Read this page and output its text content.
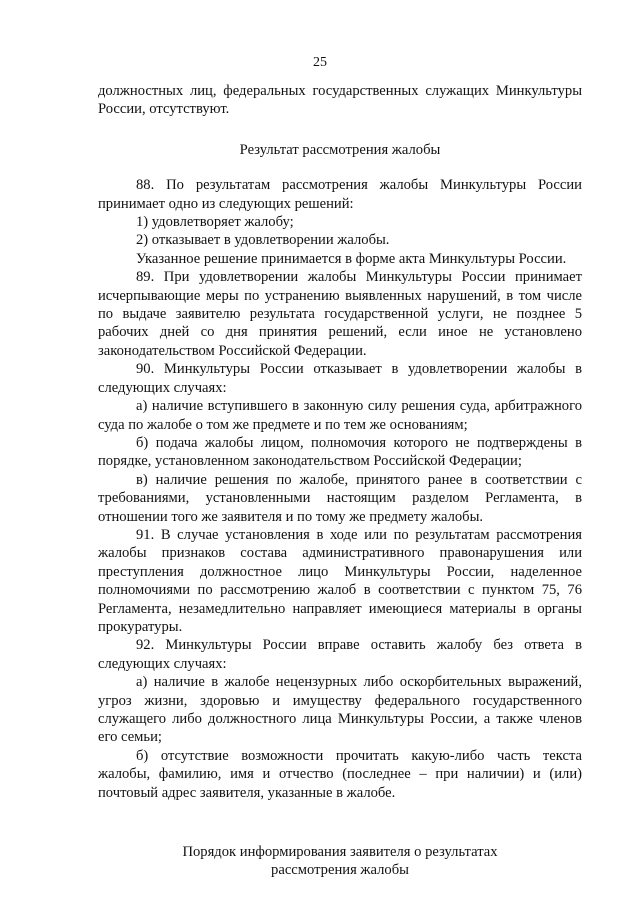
25

должностных лиц, федеральных государственных служащих Минкультуры России, отсутствуют.

Результат рассмотрения жалобы

88. По результатам рассмотрения жалобы Минкультуры России принимает одно из следующих решений:

1) удовлетворяет жалобу;

2) отказывает в удовлетворении жалобы.

Указанное решение принимается в форме акта Минкультуры России.

89. При удовлетворении жалобы Минкультуры России принимает исчерпывающие меры по устранению выявленных нарушений, в том числе по выдаче заявителю результата государственной услуги, не позднее 5 рабочих дней со дня принятия решений, если иное не установлено законодательством Российской Федерации.

90. Минкультуры России отказывает в удовлетворении жалобы в следующих случаях:

а) наличие вступившего в законную силу решения суда, арбитражного суда по жалобе о том же предмете и по тем же основаниям;

б) подача жалобы лицом, полномочия которого не подтверждены в порядке, установленном законодательством Российской Федерации;

в) наличие решения по жалобе, принятого ранее в соответствии с требованиями, установленными настоящим разделом Регламента, в отношении того же заявителя и по тому же предмету жалобы.

91. В случае установления в ходе или по результатам рассмотрения жалобы признаков состава административного правонарушения или преступления должностное лицо Минкультуры России, наделенное полномочиями по рассмотрению жалоб в соответствии с пунктом 75, 76 Регламента, незамедлительно направляет имеющиеся материалы в органы прокуратуры.

92. Минкультуры России вправе оставить жалобу без ответа в следующих случаях:

а) наличие в жалобе нецензурных либо оскорбительных выражений, угроз жизни, здоровью и имуществу федерального государственного служащего либо должностного лица Минкультуры России, а также членов его семьи;

б) отсутствие возможности прочитать какую-либо часть текста жалобы, фамилию, имя и отчество (последнее – при наличии) и (или) почтовый адрес заявителя, указанные в жалобе.

Порядок информирования заявителя о результатах
рассмотрения жалобы
